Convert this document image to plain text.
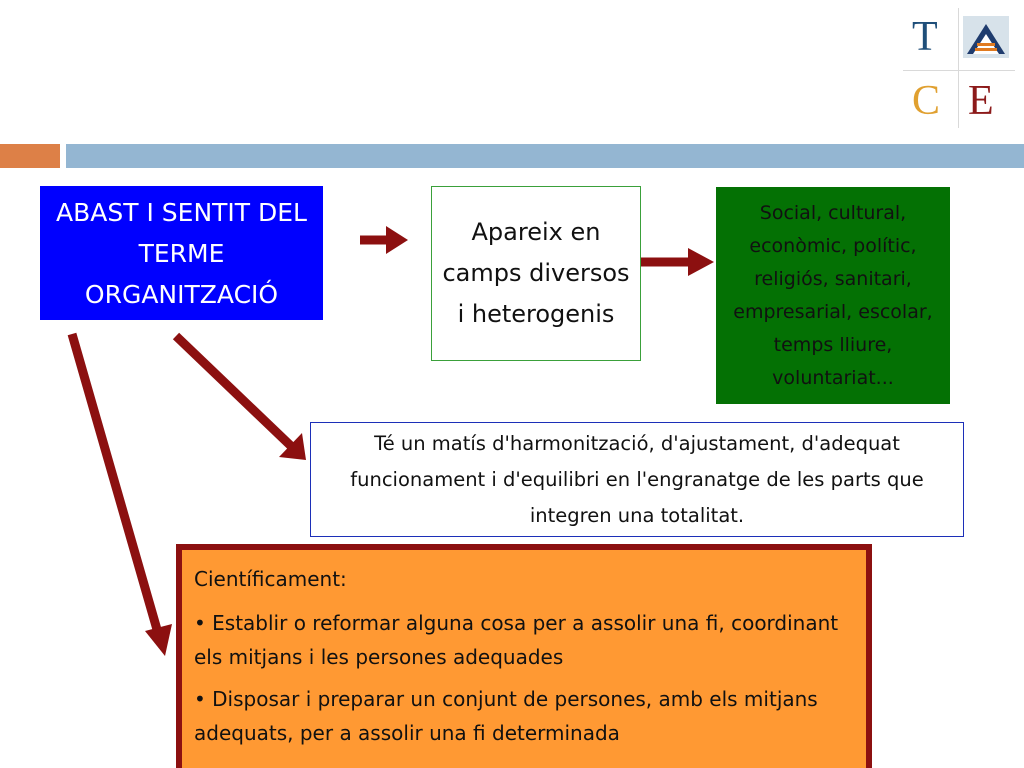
T
C E
ABAST I SENTIT DEL TERME ORGANITZACIÓ
Apareix en camps diversos i heterogenis
Social, cultural, econòmic, polític, religiós, sanitari, empresarial, escolar, temps lliure, voluntariat...
Té un matís d'harmonització, d'ajustament, d'adequat funcionament i d'equilibri en l'engranatge de les parts que integren una totalitat.

Científicament:

• Establir o reformar alguna cosa per a assolir una fi, coordinant els mitjans i les persones adequades

• Disposar i preparar un conjunt de persones, amb els mitjans adequats, per a assolir una fi determinada
